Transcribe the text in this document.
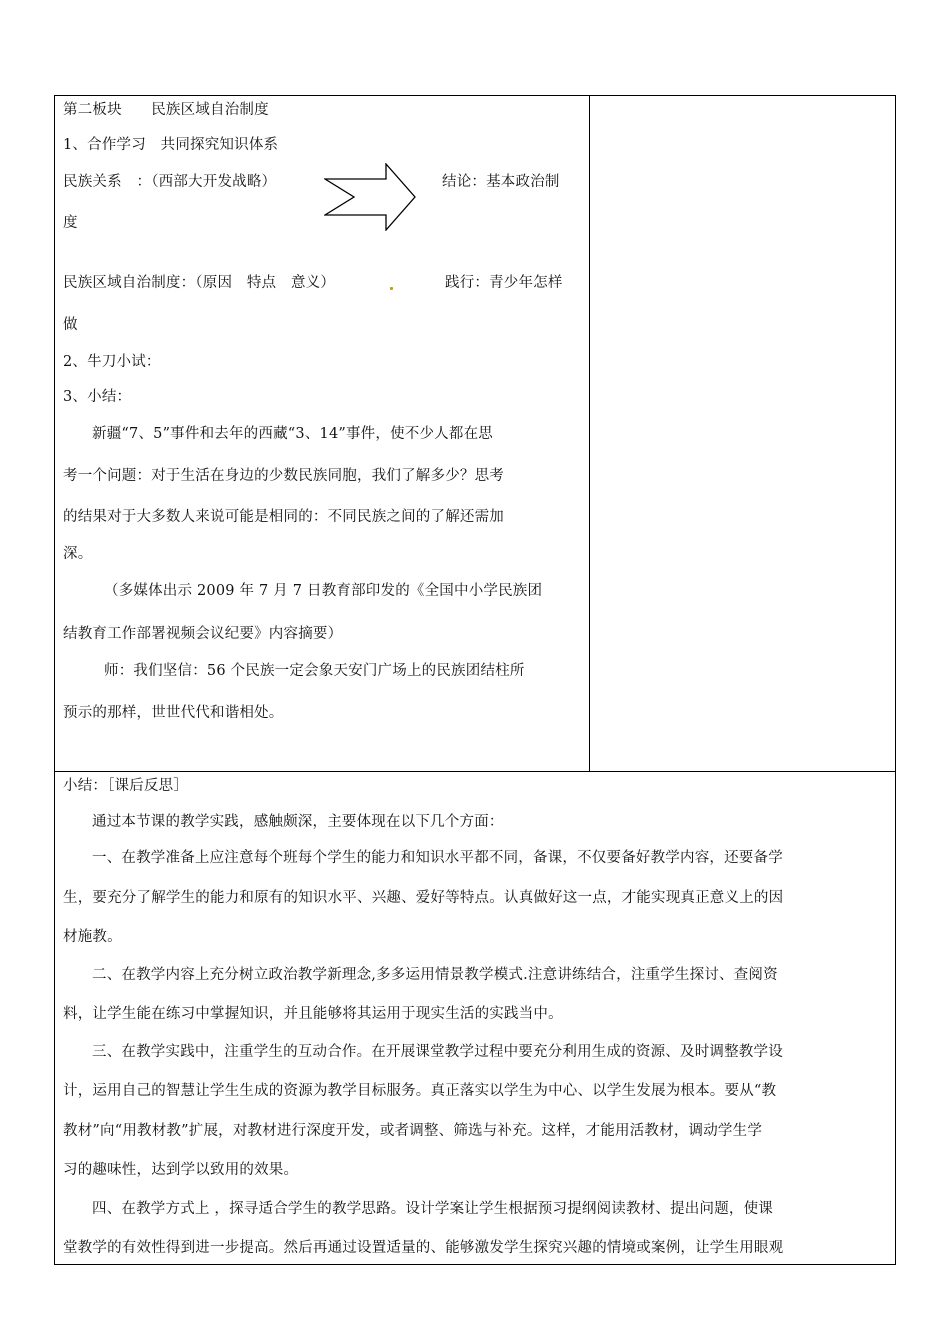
第二板块　　民族区域自治制度
1、合作学习　共同探究知识体系
民族关系　：（西部大开发战略）	结论：基本政治制
度
民族区域自治制度：（原因　特点　意义）	践行：青少年怎样
做
2、牛刀小试：
3、小结：
新疆“7、5”事件和去年的西藏“3、14”事件，使不少人都在思
考一个问题：对于生活在身边的少数民族同胞，我们了解多少？思考
的结果对于大多数人来说可能是相同的：不同民族之间的了解还需加
深。
（多媒体出示 2009 年 7 月 7 日教育部印发的《全国中小学民族团
结教育工作部署视频会议纪要》内容摘要）
师：我们坚信：56 个民族一定会象天安门广场上的民族团结柱所
预示的那样，世世代代和谐相处。
小结：［课后反思］
通过本节课的教学实践，感触颇深，主要体现在以下几个方面：
一、在教学准备上应注意每个班每个学生的能力和知识水平都不同，备课，不仅要备好教学内容，还要备学
生，要充分了解学生的能力和原有的知识水平、兴趣、爱好等特点。认真做好这一点，才能实现真正意义上的因
材施教。
二、在教学内容上充分树立政治教学新理念,多多运用情景教学模式.注意讲练结合，注重学生探讨、查阅资
料，让学生能在练习中掌握知识，并且能够将其运用于现实生活的实践当中。
三、在教学实践中，注重学生的互动合作。在开展课堂教学过程中要充分利用生成的资源、及时调整教学设
计，运用自己的智慧让学生生成的资源为教学目标服务。真正落实以学生为中心、以学生发展为根本。要从“教
教材”向“用教材教”扩展，对教材进行深度开发，或者调整、筛选与补充。这样，才能用活教材，调动学生学
习的趣味性，达到学以致用的效果。
四、在教学方式上 ，探寻适合学生的教学思路。设计学案让学生根据预习提纲阅读教材、提出问题，使课
堂教学的有效性得到进一步提高。然后再通过设置适量的、能够激发学生探究兴趣的情境或案例，让学生用眼观
